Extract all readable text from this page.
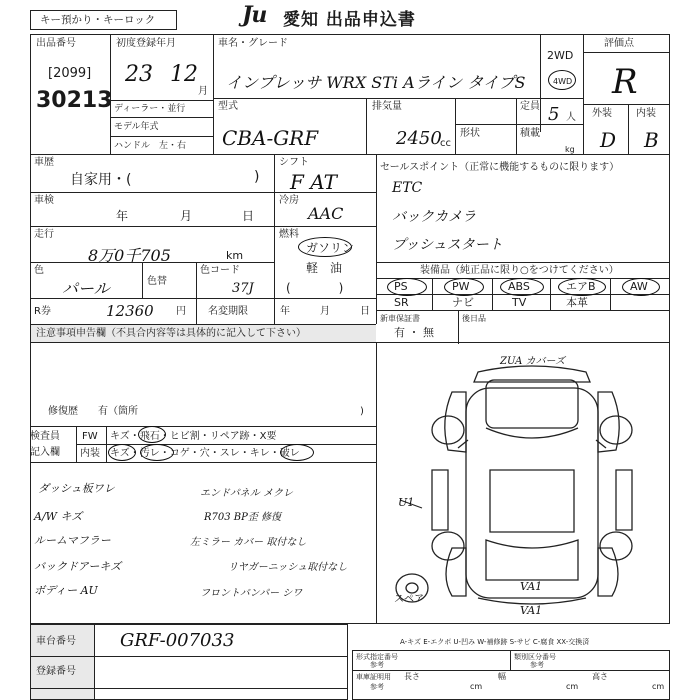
キー預かり・キーロック	Ju 愛知 出品申込書
出品番号
[2099]
30213
初度登録年月
23 12
月
ディーラー・並行
モデル年式
ハンドル　左・右
車名・グレード
インプレッサ WRX STi Aライン タイプS
2WD
4WD
型式
CBA-GRF
排気量
2450
cc
形状
定員 5 人
積載
kg
評価点
R
外装 内装
D B
車歴
自家用・(	)
車検
年	月	日
走行
8万0千705	km
色
パール	色替
色コード
37J
R券	12360 円 名変期限	年　　　月　　　日
シフト
F AT
冷房
AAC
燃料
ガソリン
軽　油
(　　　　)
セールスポイント（正常に機能するものに限ります）
ETC
バックカメラ
プッシュスタート
装備品（純正品に限り○をつけてください）
PS	PW	ABS	エアB	AW
SR	ナビ	TV	本革
新車保証書
有 ・ 無
後日品
注意事項申告欄（不具合内容等は具体的に記入して下さい）
修復歴　　有（箇所	)
検査員
記入欄
FW キズ・飛石・ヒビ割・リペア跡・X要
内装 キズ・汚レ・コゲ・穴・スレ・キレ・破レ
ダッシュ板ワレ
A/W キズ
ルームマフラー
バックドアーキズ
ボディー AU
エンドパネル メクレ
R703 BP歪 修復
左ミラー カバー 取付なし
リヤガーニッシュ取付なし
フロントバンパー シワ
ZUA カバーズ
U1
VA1
VA1
スペア
A-キズ E-エクボ U-凹み W-補修跡 S-サビ C-腐食 XX-交換済
車台番号 GRF-007033
登録番号
形式指定番号
参考
類別区分番号
参考
車庫証明用
参考
長さ
cm
幅
cm
高さ
cm
